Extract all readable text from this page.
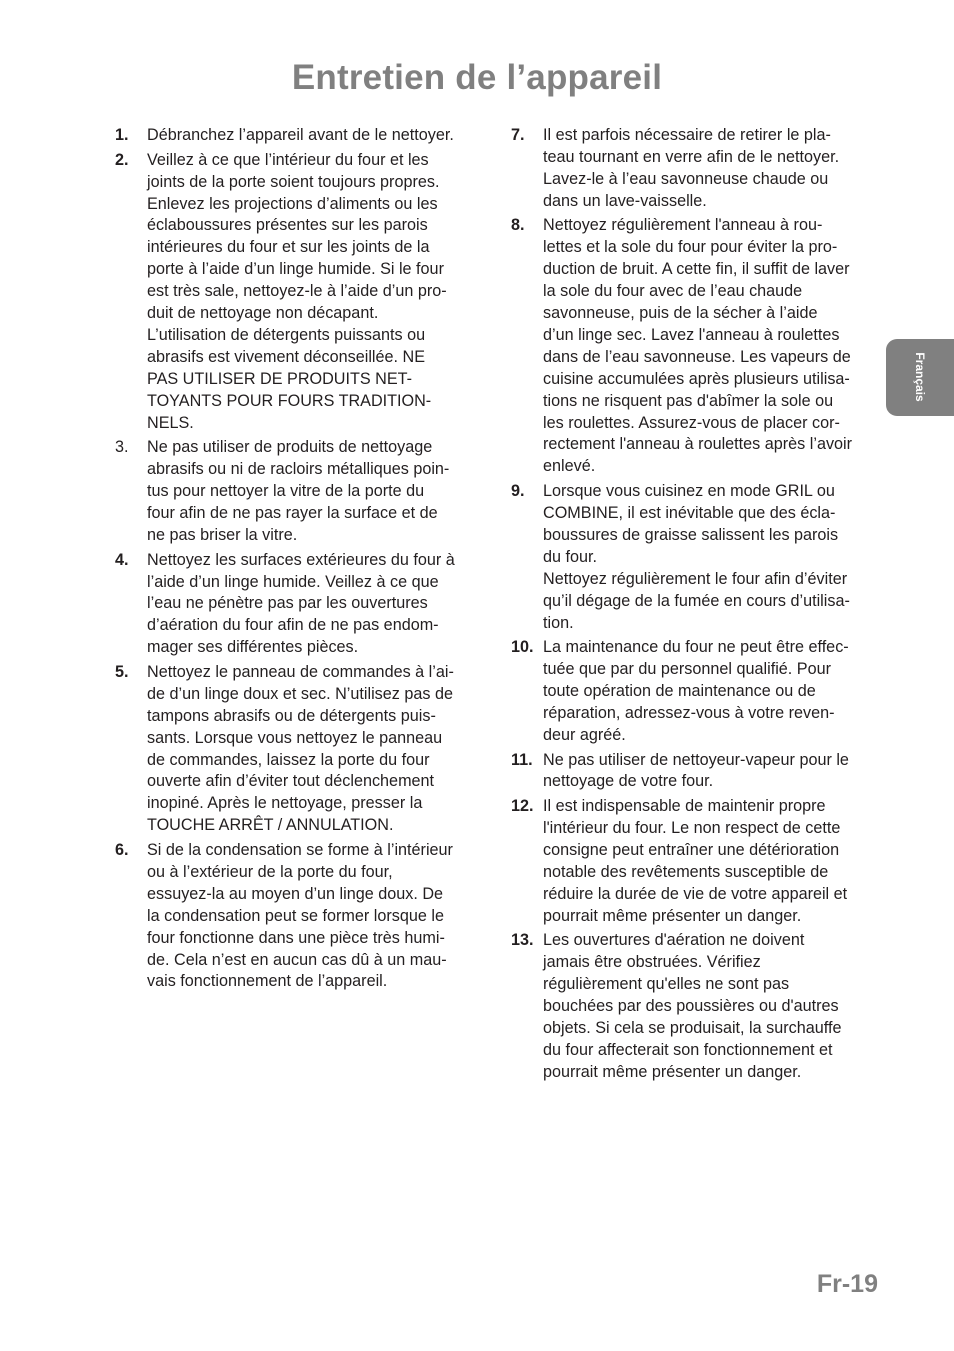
Entretien de l’appareil
1. Débranchez l’appareil avant de le nettoyer.
2. Veillez à ce que l’intérieur du four et les
joints de la porte soient toujours propres.
Enlevez les projections d’aliments ou les
éclaboussures présentes sur les parois
intérieures du four et sur les joints de la
porte à l’aide d’un linge humide. Si le four
est très sale, nettoyez-le à l’aide d’un pro-
duit de nettoyage non décapant.
L’utilisation de détergents puissants ou
abrasifs est vivement déconseillée. NE
PAS UTILISER DE PRODUITS NET-
TOYANTS POUR FOURS TRADITION-
NELS.
3. Ne pas utiliser de produits de nettoyage
abrasifs ou ni de racloirs métalliques poin-
tus pour nettoyer la vitre de la porte du
four afin de ne pas rayer la surface et de
ne pas briser la vitre.
4. Nettoyez les surfaces extérieures du four à
l’aide d’un linge humide. Veillez à ce que
l’eau ne pénètre pas par les ouvertures
d’aération du four afin de ne pas endom-
mager ses différentes pièces.
5. Nettoyez le panneau de commandes à l’ai-
de d’un linge doux et sec. N’utilisez pas de
tampons abrasifs ou de détergents puis-
sants. Lorsque vous nettoyez le panneau
de commandes, laissez la porte du four
ouverte afin d’éviter tout déclenchement
inopiné. Après le nettoyage, presser la
TOUCHE ARRÊT / ANNULATION.
6. Si de la condensation se forme à l’intérieur
ou à l’extérieur de la porte du four,
essuyez-la au moyen d’un linge doux. De
la condensation peut se former lorsque le
four fonctionne dans une pièce très humi-
de. Cela n’est en aucun cas dû à un mau-
vais fonctionnement de l’appareil.
7. Il est parfois nécessaire de retirer le pla-
teau tournant en verre afin de le nettoyer.
Lavez-le à l’eau savonneuse chaude ou
dans un lave-vaisselle.
8. Nettoyez régulièrement l'anneau à rou-
lettes et la sole du four pour éviter la pro-
duction de bruit. A cette fin, il suffit de laver
la sole du four avec de l’eau chaude
savonneuse, puis de la sécher à l’aide
d’un linge sec. Lavez l'anneau à roulettes
dans de l’eau savonneuse. Les vapeurs de
cuisine accumulées après plusieurs utilisa-
tions ne risquent pas d'abîmer la sole ou
les roulettes. Assurez-vous de placer cor-
rectement l'anneau à roulettes après l’avoir
enlevé.
9. Lorsque vous cuisinez en mode GRIL ou
COMBINE, il est inévitable que des écla-
boussures de graisse salissent les parois
du four.
Nettoyez régulièrement le four afin d’éviter
qu’il dégage de la fumée en cours d’utilisa-
tion.
10. La maintenance du four ne peut être effec-
tuée que par du personnel qualifié. Pour
toute opération de maintenance ou de
réparation, adressez-vous à votre reven-
deur agréé.
11. Ne pas utiliser de nettoyeur-vapeur pour le
nettoyage de votre four.
12. Il est indispensable de maintenir propre
l'intérieur du four. Le non respect de cette
consigne peut entraîner une détérioration
notable des revêtements susceptible de
réduire la durée de vie de votre appareil et
pourrait même présenter un danger.
13. Les ouvertures d'aération ne doivent
jamais être obstruées. Vérifiez
régulièrement qu'elles ne sont pas
bouchées par des poussières ou d'autres
objets. Si cela se produisait, la surchauffe
du four affecterait son fonctionnement et
pourrait même présenter un danger.
Français
Fr-19
